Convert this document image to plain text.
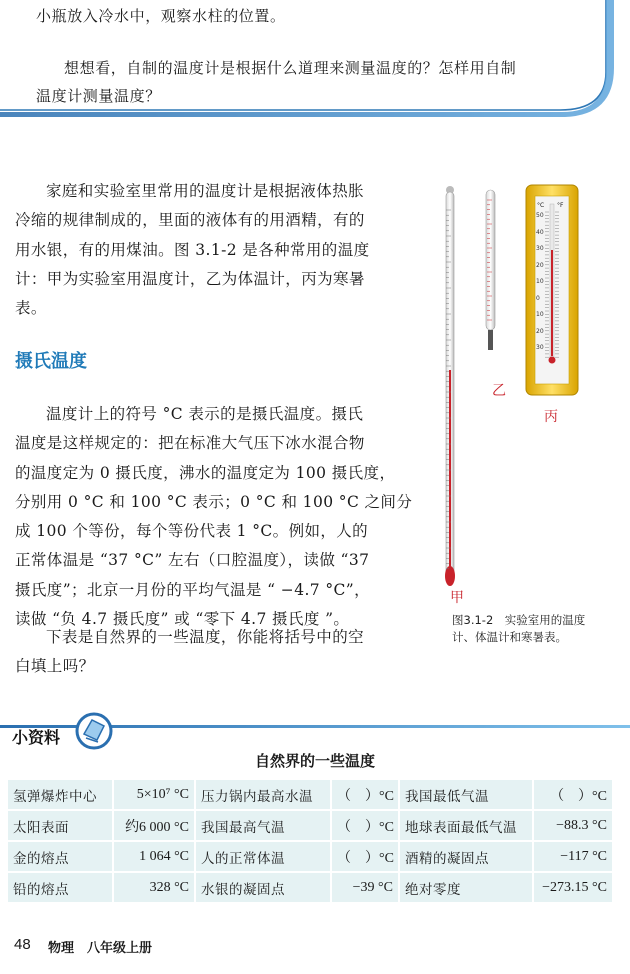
小瓶放入冷水中，观察水柱的位置。
想想看，自制的温度计是根据什么道理来测量温度的？怎样用自制
温度计测量温度？
家庭和实验室里常用的温度计是根据液体热胀
冷缩的规律制成的，里面的液体有的用酒精，有的
用水银，有的用煤油。图 3.1-2 是各种常用的温度
计：甲为实验室用温度计，乙为体温计，丙为寒暑
表。
摄氏温度
温度计上的符号 °C 表示的是摄氏温度。摄氏
温度是这样规定的：把在标准大气压下冰水混合物
的温度定为 0 摄氏度，沸水的温度定为 100 摄氏度，
分别用 0 °C 和 100 °C 表示；0 °C 和 100 °C 之间分
成 100 个等份，每个等份代表 1 °C。例如，人的
正常体温是 “37 °C” 左右（口腔温度），读做 “37
摄氏度”；北京一月份的平均气温是 “ −4.7 °C”，
读做 “负 4.7 摄氏度” 或 “零下 4.7 摄氏度 ”。
下表是自然界的一些温度，你能将括号中的空
白填上吗？
50
40
30
20
10
0
10
20
30
°C °F
乙
丙
甲
图3.1-2　实验室用的温度
计、体温计和寒暑表。
小资料
自然界的一些温度
氢弹爆炸中心	5×10⁷ °C	压力锅内最高水温	（　）°C	我国最低气温	（　）°C
太阳表面	约6 000 °C	我国最高气温	（　）°C	地球表面最低气温	−88.3 °C
金的熔点	1 064 °C	人的正常体温	（　）°C	酒精的凝固点	−117 °C
铅的熔点	328 °C	水银的凝固点	−39 °C	绝对零度	−273.15 °C
48 物理　八年级上册
